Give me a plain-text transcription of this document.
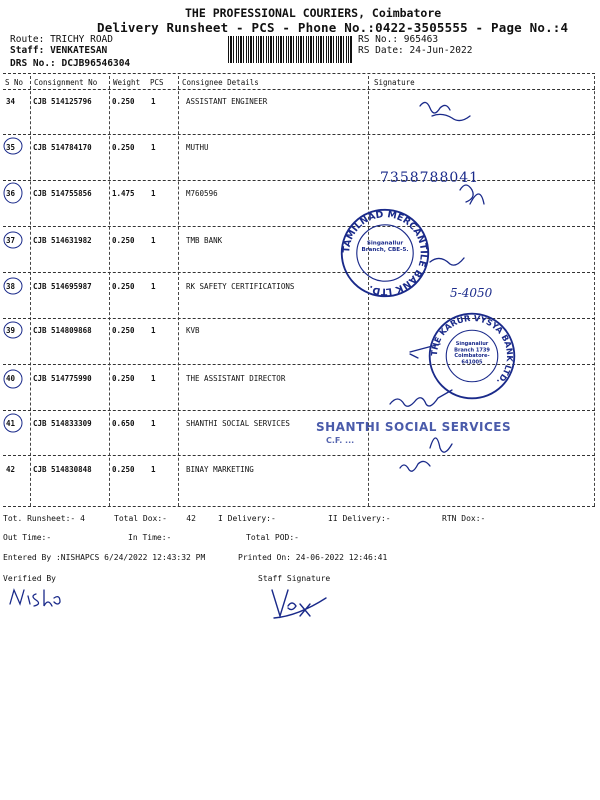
THE PROFESSIONAL COURIERS, Coimbatore
Delivery Runsheet - PCS - Phone No.:0422-3505555 - Page No.:4
Route: TRICHY ROAD
Staff: VENKATESAN
DRS No.: DCJB96546304
RS No.: 965463
RS Date: 24-Jun-2022
S No Consignment No Weight PCS Consignee Details	Signature
34 CJB 514125796	0.250 1	ASSISTANT ENGINEER
35 CJB 514784170	0.250 1	MUTHU
36 CJB 514755856	1.475 1	M760596
37 CJB 514631982	0.250 1	TMB BANK
38 CJB 514695987	0.250 1	RK SAFETY CERTIFICATIONS
39 CJB 514809868	0.250 1	KVB
40 CJB 514775990	0.250 1	THE ASSISTANT DIRECTOR
41 CJB 514833309	0.650 1	SHANTHI SOCIAL SERVICES
42 CJB 514830848	0.250 1	BINAY MARKETING
7358788041
5-4050
TAMILNAD MERCANTILE BANK LTD.
Singanallur Branch, CBE-5.
THE KARUR VYSYA BANK LTD.
Singanallur Branch 1739 Coimbatore-641005
SHANTHI SOCIAL SERVICES
C.F. ...
Tot. Runsheet:- 4	Total Dox:- 42	I Delivery:-	II Delivery:-	RTN Dox:-
Out Time:-	In Time:-	Total POD:-
Entered By :NISHAPCS 6/24/2022 12:43:32 PM	Printed On: 24-06-2022 12:46:41
Verified By	Staff Signature
